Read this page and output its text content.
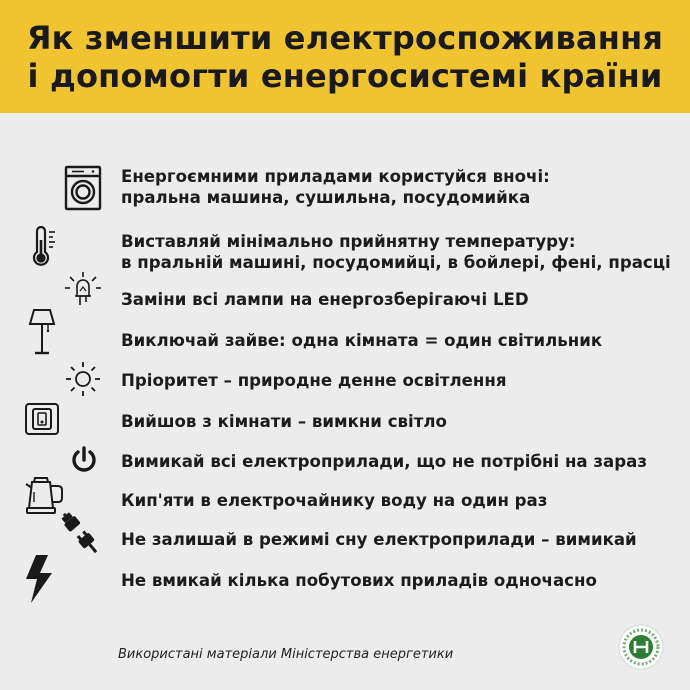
Як зменшити електроспоживання
і допомогти енергосистемі країни
Енергоємними приладами користуйся вночі:
пральна машина, сушильна, посудомийка
Виставляй мінімально прийнятну температуру:
в пральній машині, посудомийці, в бойлері, фені, праcці
Заміни всі лампи на енергозберігаючі LED
Виключай зайве: одна кімната = один світильник
Пріоритет – природне денне освітлення
Вийшов з кімнати – вимкни світло
Вимикай всі електроприлади, що не потрібні на зараз
Кип'яти в електрочайнику воду на один раз
Не залишай в режимі сну електроприлади – вимикай
Не вмикай кілька побутових приладів одночасно
Використані матеріали Міністерства енергетики
